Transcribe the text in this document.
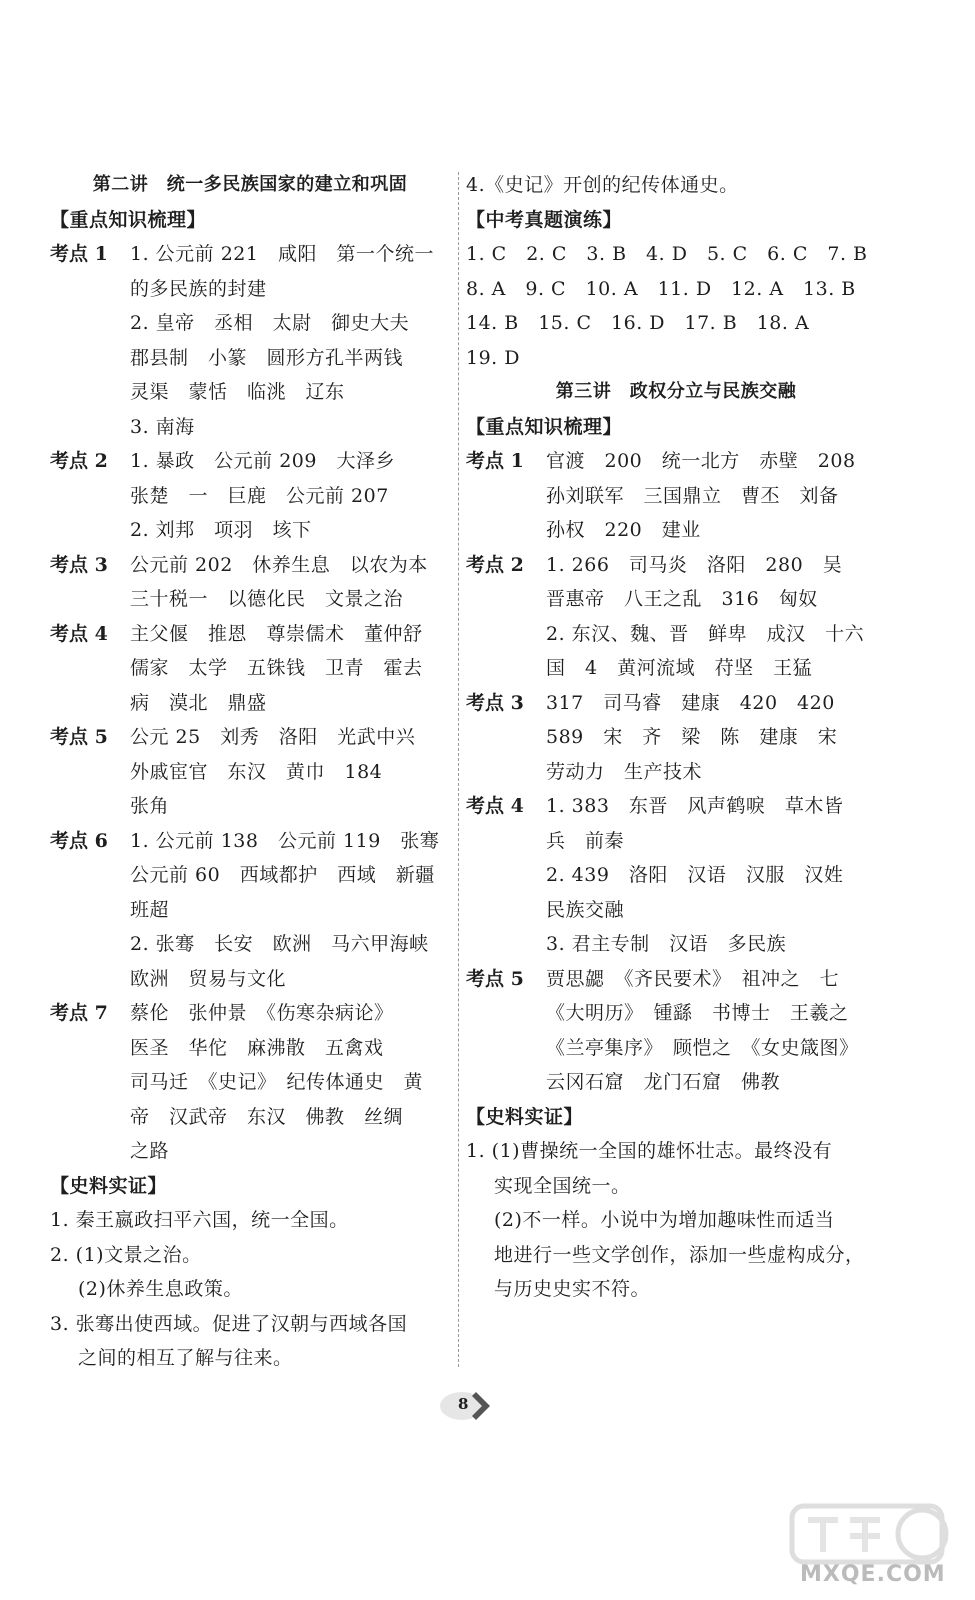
第二讲　统一多民族国家的建立和巩固
【重点知识梳理】
考点 1 1. 公元前 221　咸阳　第一个统一
的多民族的封建
2. 皇帝　丞相　太尉　御史大夫
郡县制　小篆　圆形方孔半两钱
灵渠　蒙恬　临洮　辽东
3. 南海
考点 2 1. 暴政　公元前 209　大泽乡
张楚　一　巨鹿　公元前 207
2. 刘邦　项羽　垓下
考点 3 公元前 202　休养生息　以农为本
三十税一　以德化民　文景之治
考点 4 主父偃　推恩　尊崇儒术　董仲舒
儒家　太学　五铢钱　卫青　霍去
病　漠北　鼎盛
考点 5 公元 25　刘秀　洛阳　光武中兴
外戚宦官　东汉　黄巾　184
张角
考点 6 1. 公元前 138　公元前 119　张骞
公元前 60　西域都护　西域　新疆
班超
2. 张骞　长安　欧洲　马六甲海峡
欧洲　贸易与文化
考点 7 蔡伦　张仲景　《伤寒杂病论》
医圣　华佗　麻沸散　五禽戏
司马迁　《史记》　纪传体通史　黄
帝　汉武帝　东汉　佛教　丝绸
之路
【史料实证】
1. 秦王嬴政扫平六国，统一全国。
2. (1)文景之治。
(2)休养生息政策。
3. 张骞出使西域。促进了汉朝与西域各国
之间的相互了解与往来。
4.《史记》开创的纪传体通史。
【中考真题演练】
1. C　2. C　3. B　4. D　5. C　6. C　7. B
8. A　9. C　10. A　11. D　12. A　13. B
14. B　15. C　16. D　17. B　18. A
19. D
第三讲　政权分立与民族交融
【重点知识梳理】
考点 1 官渡　200　统一北方　赤壁　208
孙刘联军　三国鼎立　曹丕　刘备
孙权　220　建业
考点 2 1. 266　司马炎　洛阳　280　吴
晋惠帝　八王之乱　316　匈奴
2. 东汉、魏、晋　鲜卑　成汉　十六
国　4　黄河流域　苻坚　王猛
考点 3 317　司马睿　建康　420　420
589　宋　齐　梁　陈　建康　宋
劳动力　生产技术
考点 4 1. 383　东晋　风声鹤唳　草木皆
兵　前秦
2. 439　洛阳　汉语　汉服　汉姓
民族交融
3. 君主专制　汉语　多民族
考点 5 贾思勰　《齐民要术》　祖冲之　七
《大明历》　锺繇　书博士　王羲之
《兰亭集序》　顾恺之　《女史箴图》
云冈石窟　龙门石窟　佛教
【史料实证】
1. (1)曹操统一全国的雄怀壮志。最终没有
实现全国统一。
(2)不一样。小说中为增加趣味性而适当
地进行一些文学创作，添加一些虚构成分，
与历史史实不符。
8
MXQE.COM
